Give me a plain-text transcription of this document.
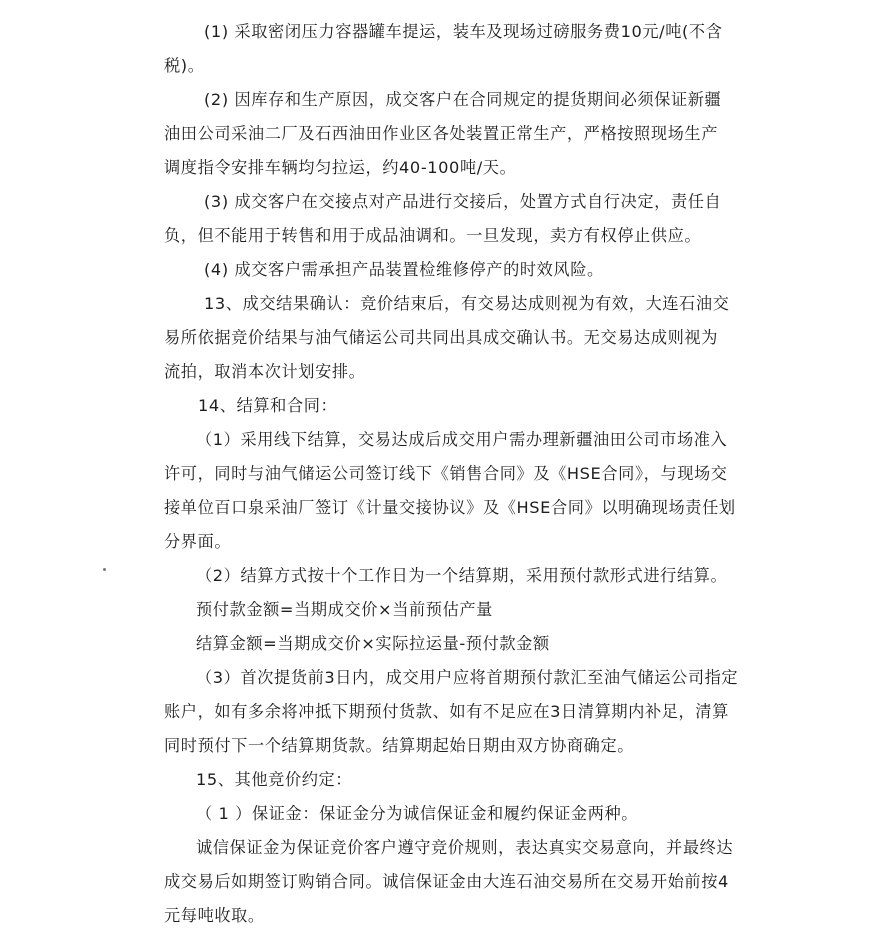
(1) 采取密闭压力容器罐车提运，装车及现场过磅服务费10元/吨(不含
税)。
(2) 因库存和生产原因，成交客户在合同规定的提货期间必须保证新疆
油田公司采油二厂及石西油田作业区各处装置正常生产，严格按照现场生产
调度指令安排车辆均匀拉运，约40-100吨/天。
(3) 成交客户在交接点对产品进行交接后，处置方式自行决定，责任自
负，但不能用于转售和用于成品油调和。一旦发现，卖方有权停止供应。
(4) 成交客户需承担产品装置检维修停产的时效风险。
13、成交结果确认：竞价结束后，有交易达成则视为有效，大连石油交
易所依据竞价结果与油气储运公司共同出具成交确认书。无交易达成则视为
流拍，取消本次计划安排。
14、结算和合同：
（1）采用线下结算，交易达成后成交用户需办理新疆油田公司市场准入
许可，同时与油气储运公司签订线下《销售合同》及《HSE合同》，与现场交
接单位百口泉采油厂签订《计量交接协议》及《HSE合同》以明确现场责任划
分界面。
（2）结算方式按十个工作日为一个结算期，采用预付款形式进行结算。
预付款金额=当期成交价×当前预估产量
结算金额=当期成交价×实际拉运量-预付款金额
（3）首次提货前3日内，成交用户应将首期预付款汇至油气储运公司指定
账户，如有多余将冲抵下期预付货款、如有不足应在3日清算期内补足，清算
同时预付下一个结算期货款。结算期起始日期由双方协商确定。
15、其他竞价约定：
（ 1 ）保证金：保证金分为诚信保证金和履约保证金两种。
诚信保证金为保证竞价客户遵守竞价规则，表达真实交易意向，并最终达
成交易后如期签订购销合同。诚信保证金由大连石油交易所在交易开始前按4
元每吨收取。
